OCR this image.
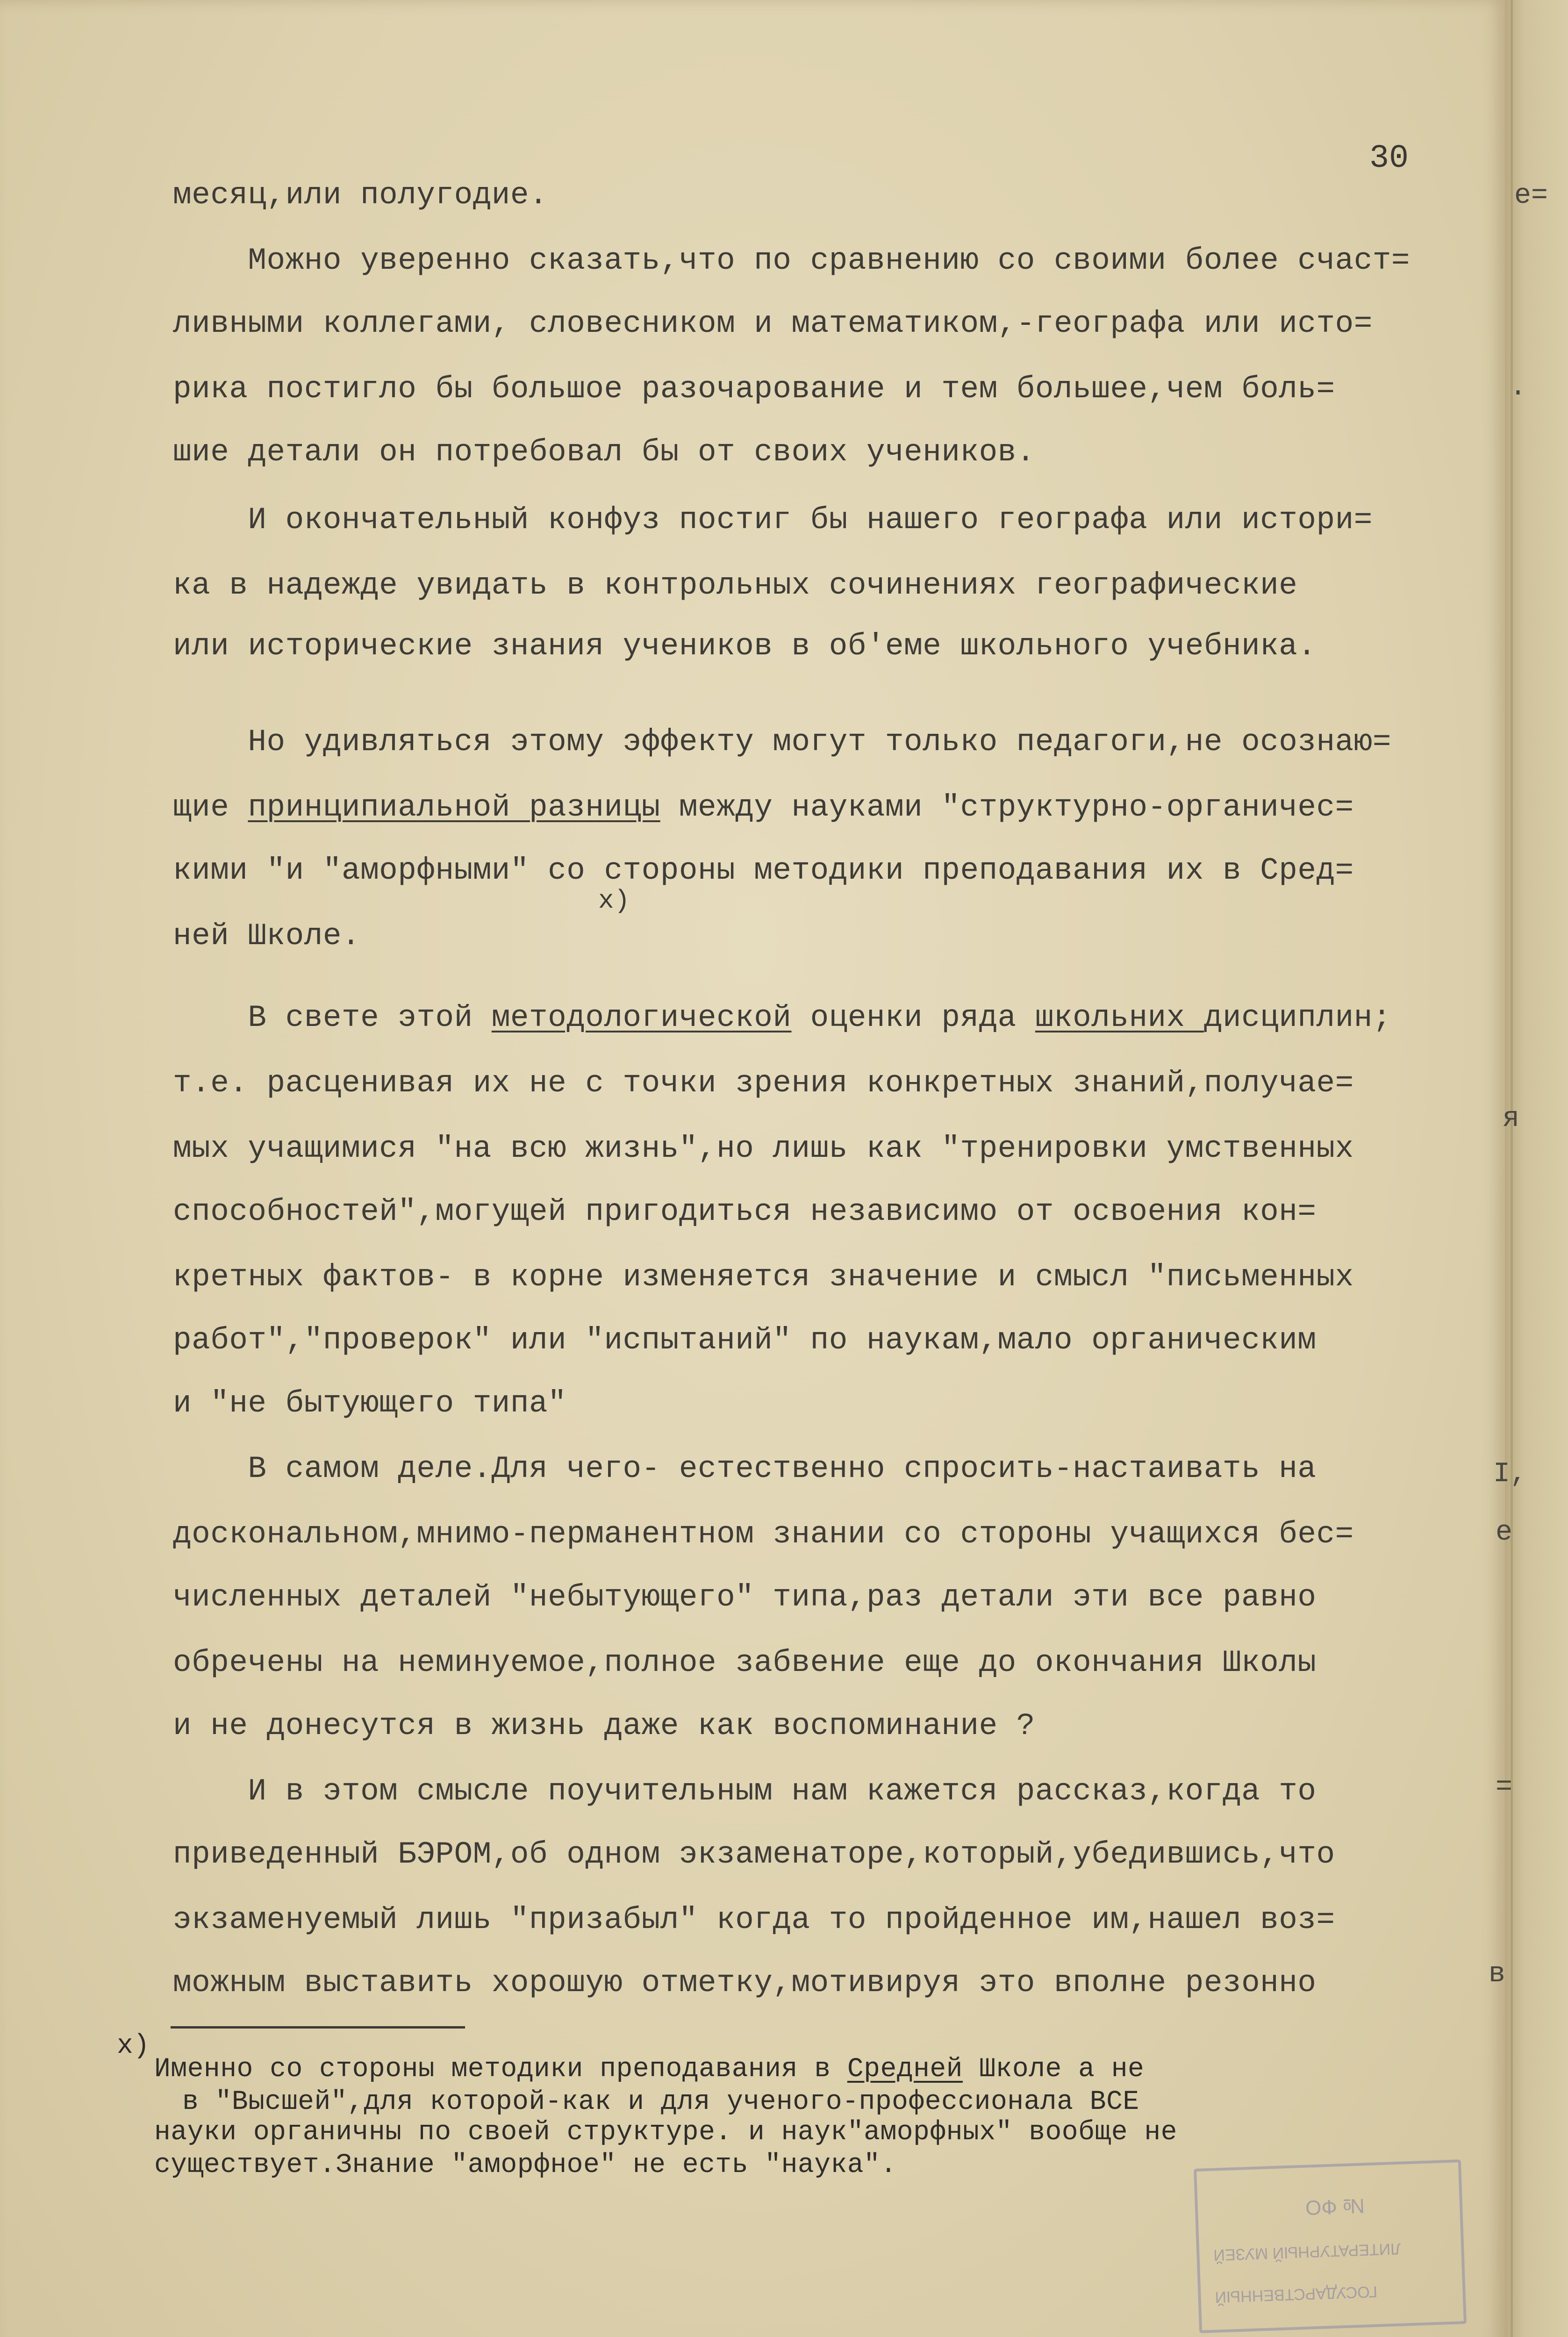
30
месяц,или полугодие.
Можно уверенно сказать,что по сравнению со своими более счаст=
ливными коллегами, словесником и математиком,-географа или исто=
рика постигло бы большое разочарование и тем большее,чем боль=
шие детали он потребовал бы от своих учеников.
И окончательный конфуз постиг бы нашего географа или истори=
ка в надежде увидать в контрольных сочинениях географические
или исторические знания учеников в об'еме школьного учебника.
Но удивляться этому эффекту могут только педагоги,не осознаю=
щие принципиальной разницы между науками "структурно-органичес=
кими "и "аморфными" со стороны методики преподавания их в Сред=
x)
ней Школе.
В свете этой методологической оценки ряда школьних дисциплин;
т.е. расценивая их не с точки зрения конкретных знаний,получае=
мых учащимися "на всю жизнь",но лишь как "тренировки умственных
способностей",могущей пригодиться независимо от освоения кон=
кретных фактов- в корне изменяется значение и смысл "письменных
работ","проверок" или "испытаний" по наукам,мало органическим
и "не бытующего типа"
В самом деле.Для чего- естественно спросить-настаивать на
доскональном,мнимо-перманентном знании со стороны учащихся бес=
численных деталей "небытующего" типа,раз детали эти все равно
обречены на неминуемое,полное забвение еще до окончания Школы
и не донесутся в жизнь даже как воспоминание ?
И в этом смысле поучительным нам кажется рассказ,когда то
приведенный БЭРОМ,об одном экзаменаторе,который,убедившись,что
экзаменуемый лишь "призабыл" когда то пройденное им,нашел воз=
можным выставить хорошую отметку,мотивируя это вполне резонно
е=
.
я
I,
е
=
в
x)
Именно со стороны методики преподавания в Средней Школе а не
в "Высшей",для которой-как и для ученого-профессионала ВСЕ
науки органичны по своей структуре. и наук"аморфных" вообще не
существует.Знание "аморфное" не есть "наука".
ГОСУДАРСТВЕННЫЙ
ЛИТЕРАТУРНЫЙ МУЗЕЙ
№ ФО
